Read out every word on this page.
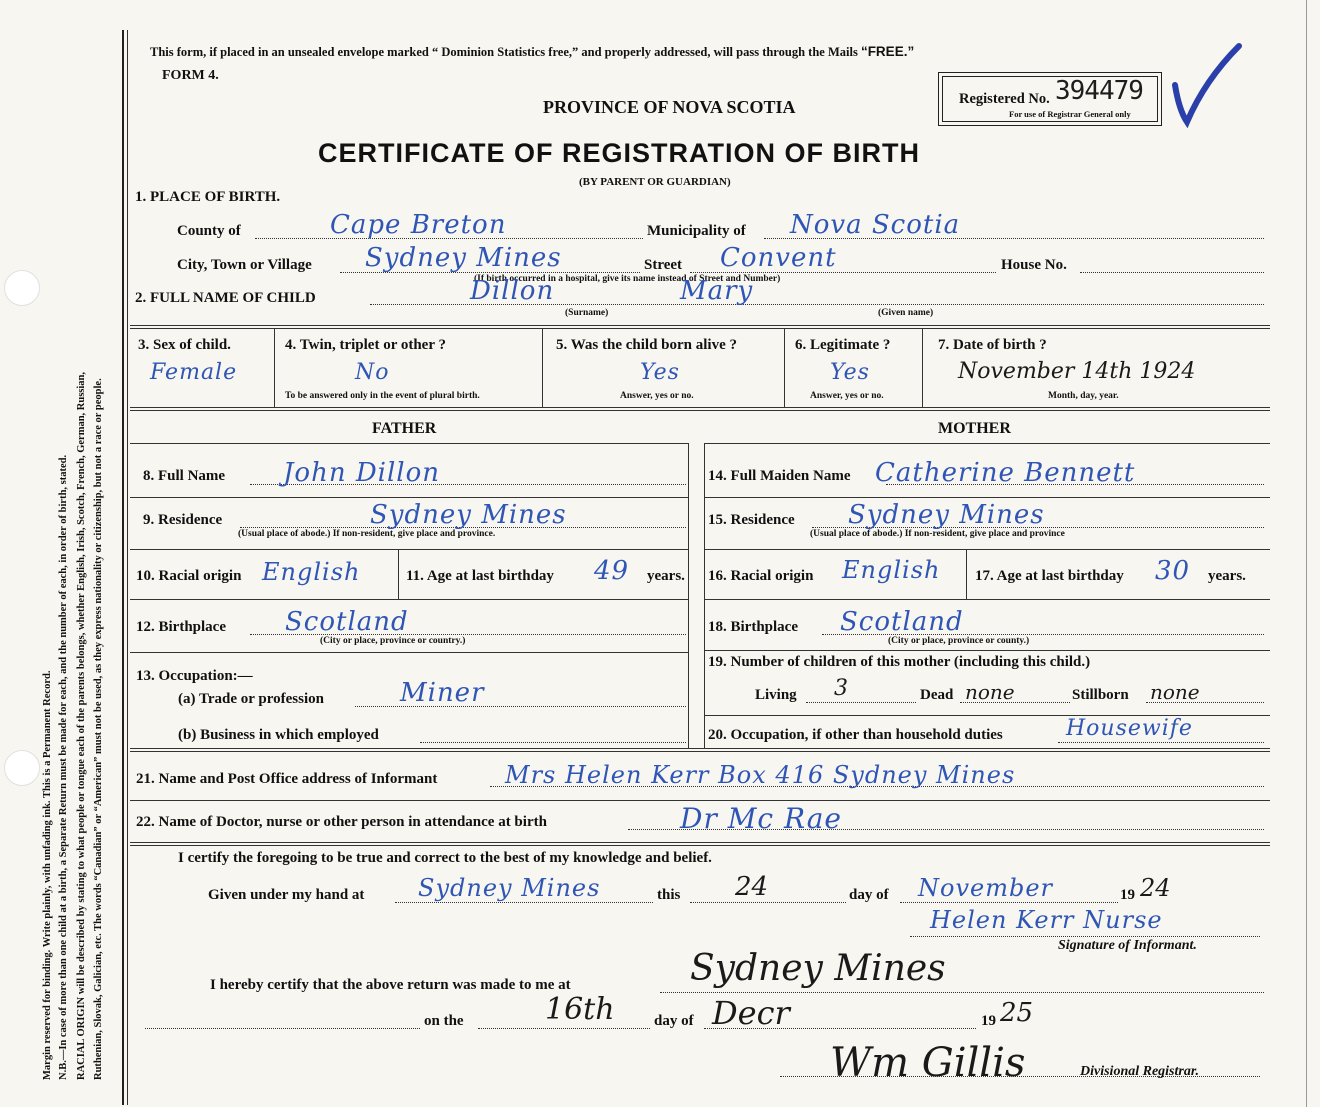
Margin reserved for binding. Write plainly, with unfading ink. This is a Permanent Record. N.B.—In case of more than one child at a birth, a Separate Return must be made for each, and the number of each, in order of birth, stated. RACIAL ORIGIN will be described by stating to what people or tongue each of the parents belongs, whether English, Irish, Scotch, French, German, Russian, Ruthenian, Slovak, Galician, etc. The words “Canadian” or “American” must not be used, as they express nationality or citizenship, but not a race or people.
This form, if placed in an unsealed envelope marked “ Dominion Statistics free,” and properly addressed, will pass through the Mails “FREE.”
FORM 4.
PROVINCE OF NOVA SCOTIA
CERTIFICATE OF REGISTRATION OF BIRTH
(BY PARENT OR GUARDIAN)
Registered No. 394479
For use of Registrar General only
1. PLACE OF BIRTH.
County of	Cape Breton	Municipality of Nova Scotia
City, Town or Village Sydney Mines	Street Convent	House No.
(If birth occurred in a hospital, give its name instead of Street and Number)
2. FULL NAME OF CHILD	Dillon	Mary
(Surname)	(Given name)
3. Sex of child.
Female
4. Twin, triplet or other ?
No
To be answered only in the event of plural birth.
5. Was the child born alive ?
Yes
Answer, yes or no.
6. Legitimate ?
Yes
Answer, yes or no.
7. Date of birth ?
November 14th 1924
Month, day, year.
FATHER	MOTHER
8. Full Name John Dillon
9. Residence	Sydney Mines
(Usual place of abode.) If non-resident, give place and province.
10. Racial origin English	11. Age at last birthday 49 years.
12. Birthplace Scotland
(City or place, province or country.)
13. Occupation:—
(a) Trade or profession	Miner
(b) Business in which employed
14. Full Maiden Name Catherine Bennett
15. Residence Sydney Mines
(Usual place of abode.) If non-resident, give place and province
16. Racial origin English 17. Age at last birthday 30 years.
18. Birthplace Scotland
(City or place, province or county.)
19. Number of children of this mother (including this child.)
Living 3	Dead none	Stillborn none
20. Occupation, if other than household duties	Housewife
21. Name and Post Office address of Informant	Mrs Helen Kerr Box 416 Sydney Mines
22. Name of Doctor, nurse or other person in attendance at birth	Dr Mc Rae
I certify the foregoing to be true and correct to the best of my knowledge and belief.
Given under my hand at Sydney Mines	this 24	day of November	19 24
Helen Kerr Nurse
Signature of Informant.
I hereby certify that the above return was made to me at	Sydney Mines
on the	16th	day of Decr	19 25
Wm Gillis	Divisional Registrar.
